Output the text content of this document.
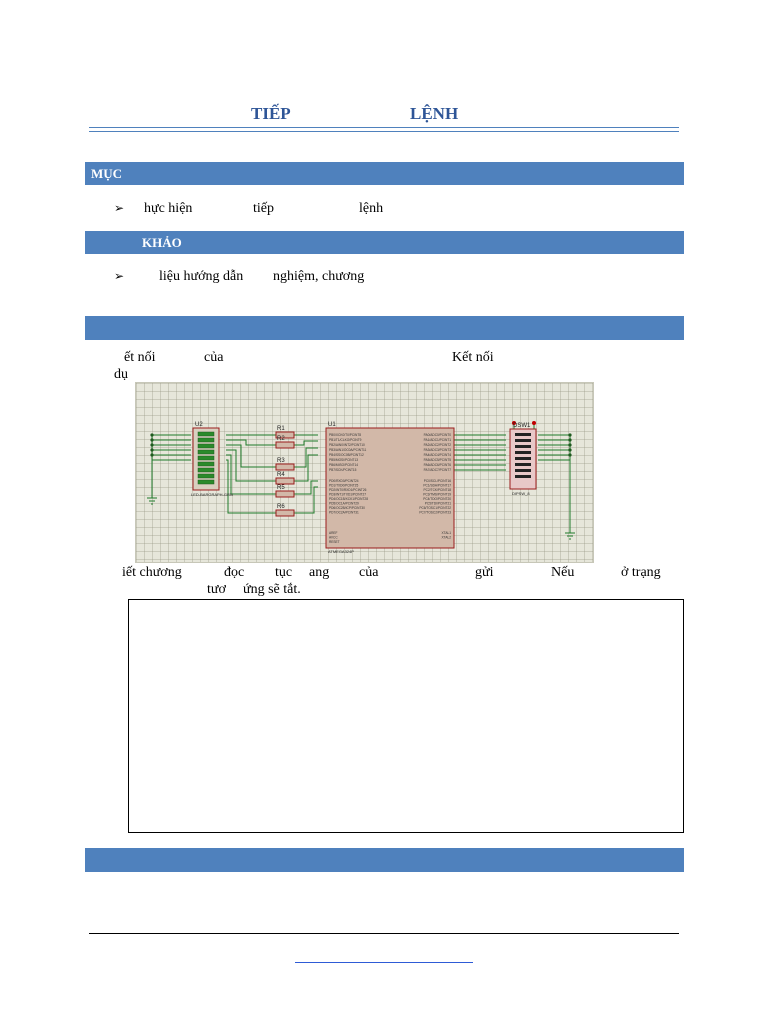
TIẾP	LỆNH
MỤC
➢ hực hiện	tiếp	lệnh
KHẢO
➢ liệu hướng dẫn nghiệm, chương
ết nối	của	Kết nối
dụ
U2
LED-BARGRAPH-GRN
R1
R2
R3
R4
R5
R6
U1
ATMEGA324P
PB0/XCK0/T0/PCINT8
PB1/T1/CLKO/PCINT9
PB2/AIN0/INT2/PCINT10
PB3/AIN1/OC0A/PCINT11
PB4/SS/OC0B/PCINT12
PB5/MOSI/PCINT13
PB6/MISO/PCINT14
PB7/SCK/PCINT15
PD0/RXD0/PCINT24
PD1/TXD0/PCINT25
PD2/INT0/RXD1/PCINT26
PD3/INT1/TXD1/PCINT27
PD4/OC1B/XCK1/PCINT28
PD5/OC1A/PCINT29
PD6/OC2B/ICP/PCINT30
PD7/OC2A/PCINT31
AREF
AVCC
RESET
PA0/ADC0/PCINT0
PA1/ADC1/PCINT1
PA2/ADC2/PCINT2
PA3/ADC3/PCINT3
PA4/ADC4/PCINT4
PA5/ADC5/PCINT5
PA6/ADC6/PCINT6
PA7/ADC7/PCINT7
PC0/SCL/PCINT16
PC1/SDA/PCINT17
PC2/TCK/PCINT18
PC3/TMS/PCINT19
PC4/TDO/PCINT20
PC5/TDI/PCINT21
PC6/TOSC1/PCINT22
PC7/TOSC2/PCINT23
XTAL1
XTAL2
DSW1
DIPSW_8
iết chương	đọc tục ang của	gửi	Nếu	ở trạng
tươ ứng sẽ tắt.
